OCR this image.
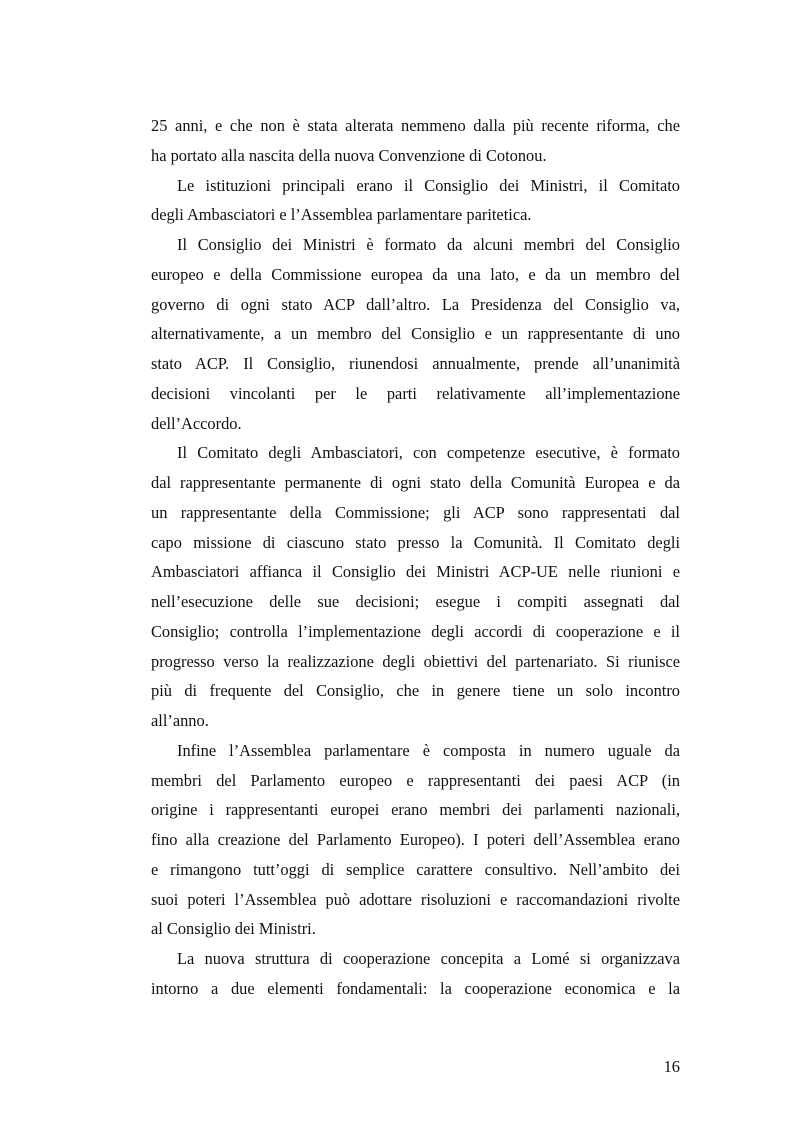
25 anni, e che non è stata alterata nemmeno dalla più recente riforma, che
ha portato alla nascita della nuova Convenzione di Cotonou.
Le istituzioni principali erano il Consiglio dei Ministri, il Comitato
degli Ambasciatori e l’Assemblea parlamentare paritetica.
Il Consiglio dei Ministri è formato da alcuni membri del Consiglio
europeo e della Commissione europea da una lato, e da un membro del
governo di ogni stato ACP dall’altro. La Presidenza del Consiglio va,
alternativamente, a un membro del Consiglio e un rappresentante di uno
stato ACP. Il Consiglio, riunendosi annualmente, prende all’unanimità
decisioni vincolanti per le parti relativamente all’implementazione
dell’Accordo.
Il Comitato degli Ambasciatori, con competenze esecutive, è formato
dal rappresentante permanente di ogni stato della Comunità Europea e da
un rappresentante della Commissione; gli ACP sono rappresentati dal
capo missione di ciascuno stato presso la Comunità. Il Comitato degli
Ambasciatori affianca il Consiglio dei Ministri ACP-UE nelle riunioni e
nell’esecuzione delle sue decisioni; esegue i compiti assegnati dal
Consiglio; controlla l’implementazione degli accordi di cooperazione e il
progresso verso la realizzazione degli obiettivi del partenariato. Si riunisce
più di frequente del Consiglio, che in genere tiene un solo incontro
all’anno.
Infine l’Assemblea parlamentare è composta in numero uguale da
membri del Parlamento europeo e rappresentanti dei paesi ACP (in
origine i rappresentanti europei erano membri dei parlamenti nazionali,
fino alla creazione del Parlamento Europeo). I poteri dell’Assemblea erano
e rimangono tutt’oggi di semplice carattere consultivo. Nell’ambito dei
suoi poteri l’Assemblea può adottare risoluzioni e raccomandazioni rivolte
al Consiglio dei Ministri.
La nuova struttura di cooperazione concepita a Lomé si organizzava
intorno a due elementi fondamentali: la cooperazione economica e la
16
